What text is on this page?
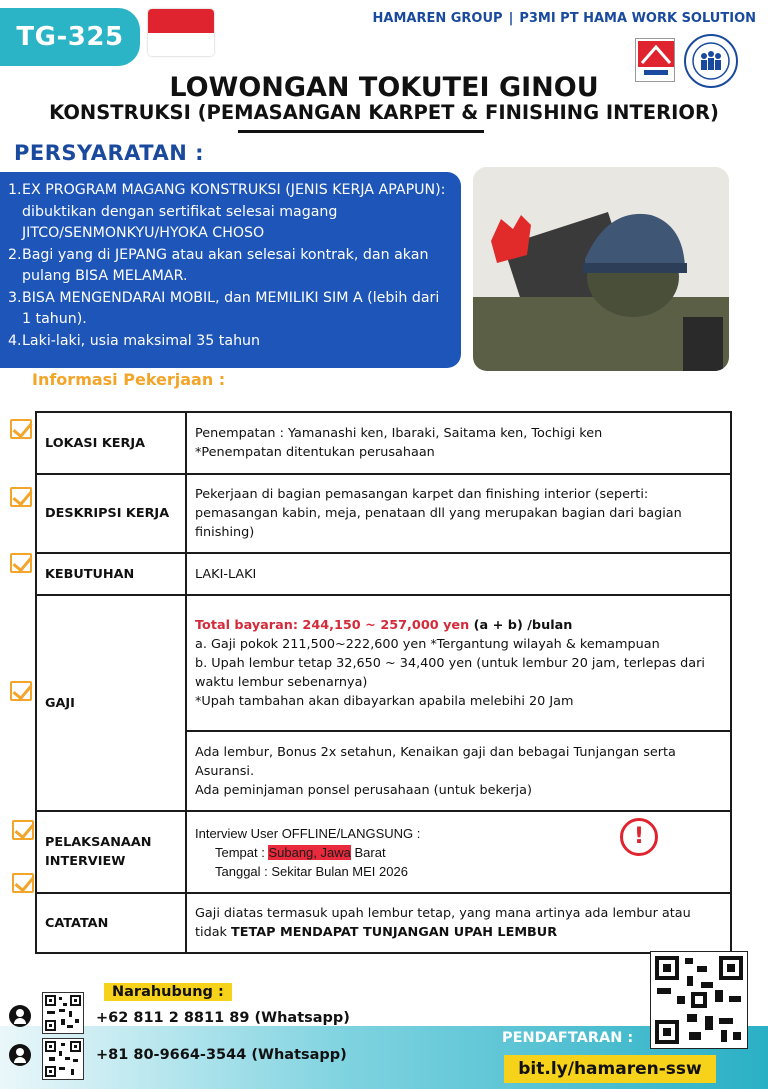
TG-325
HAMAREN GROUP | P3MI PT HAMA WORK SOLUTION
LOWONGAN TOKUTEI GINOU
KONSTRUKSI (PEMASANGAN KARPET & FINISHING INTERIOR)
PERSYARATAN :
1. EX PROGRAM MAGANG KONSTRUKSI (JENIS KERJA APAPUN): dibuktikan dengan sertifikat selesai magang JITCO/SENMONKYU/HYOKA CHOSO
2. Bagi yang di JEPANG atau akan selesai kontrak, dan akan pulang BISA MELAMAR.
3. BISA MENGENDARAI MOBIL, dan MEMILIKI SIM A (lebih dari 1 tahun).
4. Laki-laki, usia maksimal 35 tahun
Informasi Pekerjaan :
LOKASI KERJA	Penempatan : Yamanashi ken, Ibaraki, Saitama ken, Tochigi ken
*Penempatan ditentukan perusahaan

DESKRIPSI KERJA	Pekerjaan di bagian pemasangan karpet dan finishing interior (seperti: pemasangan kabin, meja, penataan dll yang merupakan bagian dari bagian finishing)
KEBUTUHAN	LAKI-LAKI
GAJI	Total bayaran: 244,150 ~ 257,000 yen (a + b) /bulan
a. Gaji pokok 211,500~222,600 yen *Tergantung wilayah & kemampuan
b. Upah lembur tetap 32,650 ~ 34,400 yen (untuk lembur 20 jam, terlepas dari waktu lembur sebenarnya)
*Upah tambahan akan dibayarkan apabila melebihi 20 Jam

	Ada lembur, Bonus 2x setahun, Kenaikan gaji dan bebagai Tunjangan serta Asuransi.
Ada peminjaman ponsel perusahaan (untuk bekerja)

PELAKSANAAN INTERVIEW	Interview User OFFLINE/LANGSUNG :
Tempat : Subang, Jawa Barat
Tanggal : Sekitar Bulan MEI 2026

CATATAN	Gaji diatas termasuk upah lembur tetap, yang mana artinya ada lembur atau tidak TETAP MENDAPAT TUNJANGAN UPAH LEMBUR
!
Narahubung :
+62 811 2 8811 89 (Whatsapp)
+81 80-9664-3544 (Whatsapp)
PENDAFTARAN :
bit.ly/hamaren-ssw
